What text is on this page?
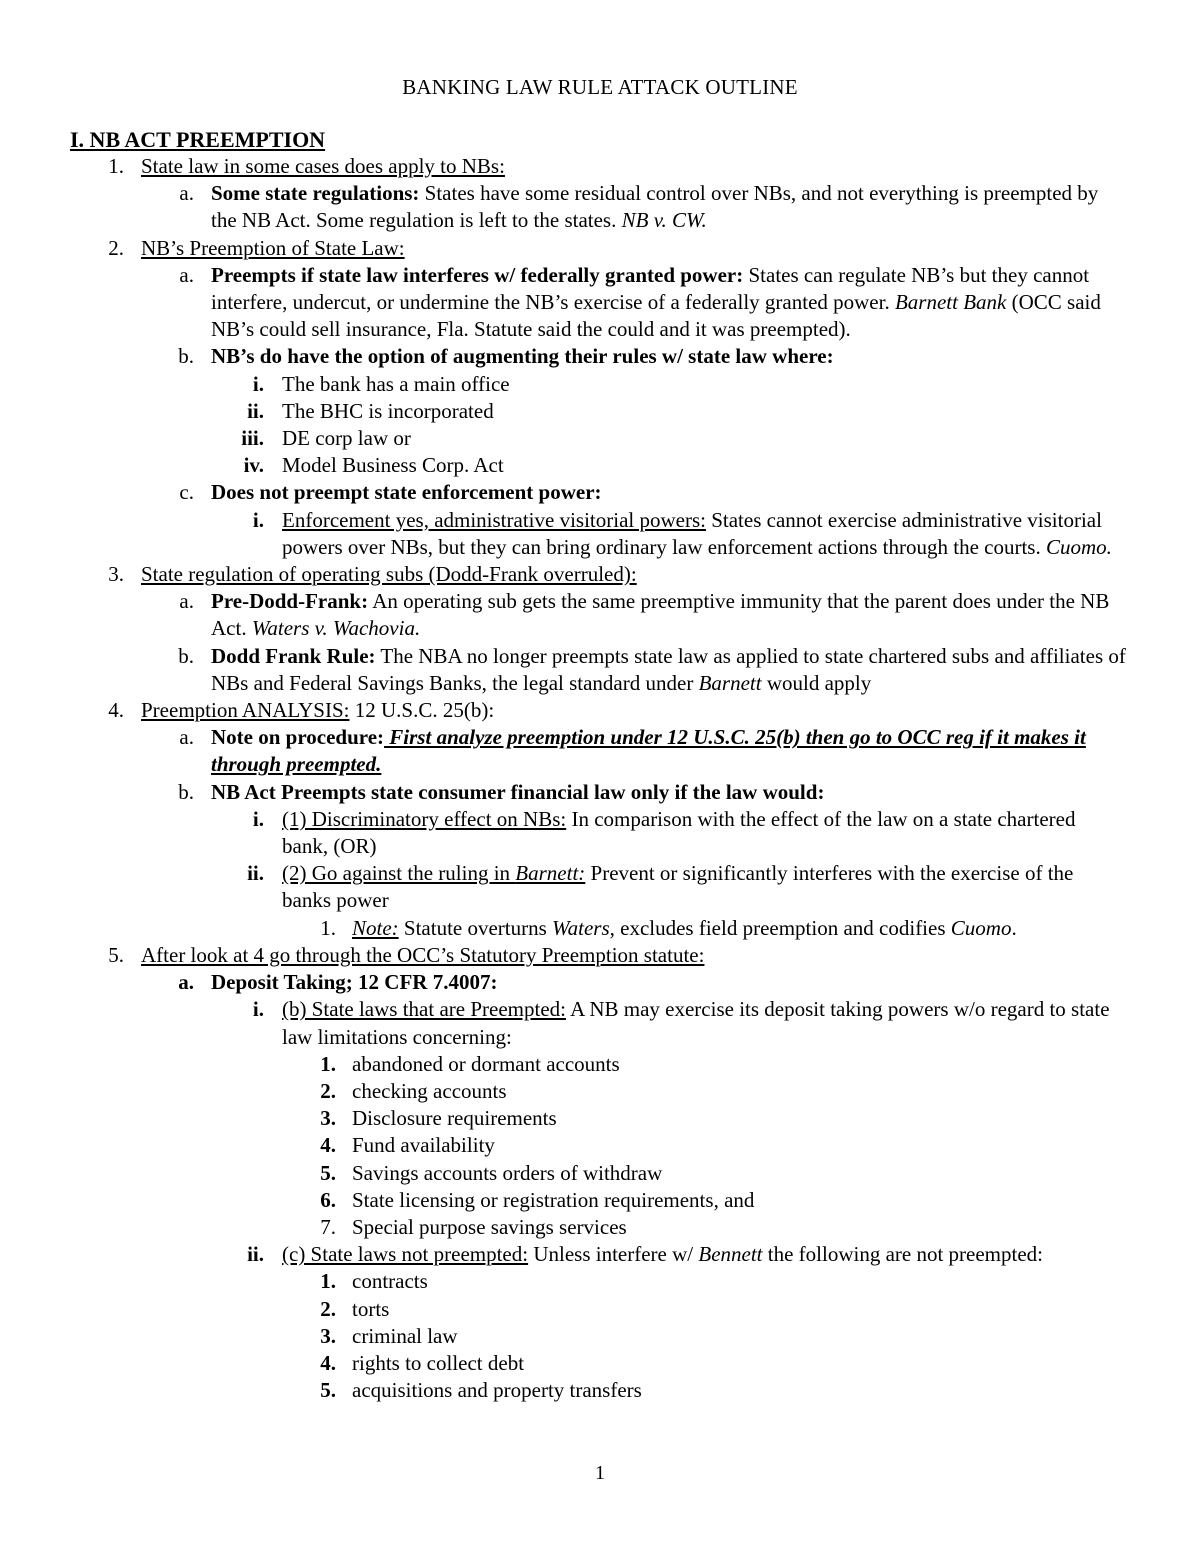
BANKING LAW RULE ATTACK OUTLINE
I. NB ACT PREEMPTION
1. State law in some cases does apply to NBs:
a. Some state regulations: States have some residual control over NBs, and not everything is preempted by the NB Act. Some regulation is left to the states. NB v. CW.
2. NB’s Preemption of State Law:
a. Preempts if state law interferes w/ federally granted power: States can regulate NB’s but they cannot interfere, undercut, or undermine the NB’s exercise of a federally granted power. Barnett Bank (OCC said NB’s could sell insurance, Fla. Statute said the could and it was preempted).
b. NB’s do have the option of augmenting their rules w/ state law where:
i. The bank has a main office
ii. The BHC is incorporated
iii. DE corp law or
iv. Model Business Corp. Act
c. Does not preempt state enforcement power:
i. Enforcement yes, administrative visitorial powers: States cannot exercise administrative visitorial powers over NBs, but they can bring ordinary law enforcement actions through the courts. Cuomo.
3. State regulation of operating subs (Dodd-Frank overruled):
a. Pre-Dodd-Frank: An operating sub gets the same preemptive immunity that the parent does under the NB Act. Waters v. Wachovia.
b. Dodd Frank Rule: The NBA no longer preempts state law as applied to state chartered subs and affiliates of NBs and Federal Savings Banks, the legal standard under Barnett would apply
4. Preemption ANALYSIS: 12 U.S.C. 25(b):
a. Note on procedure: First analyze preemption under 12 U.S.C. 25(b) then go to OCC reg if it makes it through preempted.
b. NB Act Preempts state consumer financial law only if the law would:
i. (1) Discriminatory effect on NBs: In comparison with the effect of the law on a state chartered bank, (OR)
ii. (2) Go against the ruling in Barnett: Prevent or significantly interferes with the exercise of the banks power
1. Note: Statute overturns Waters, excludes field preemption and codifies Cuomo.
5. After look at 4 go through the OCC’s Statutory Preemption statute:
a. Deposit Taking; 12 CFR 7.4007:
i. (b) State laws that are Preempted: A NB may exercise its deposit taking powers w/o regard to state law limitations concerning:
1. abandoned or dormant accounts
2. checking accounts
3. Disclosure requirements
4. Fund availability
5. Savings accounts orders of withdraw
6. State licensing or registration requirements, and
7. Special purpose savings services
ii. (c) State laws not preempted: Unless interfere w/ Bennett the following are not preempted:
1. contracts
2. torts
3. criminal law
4. rights to collect debt
5. acquisitions and property transfers
1
